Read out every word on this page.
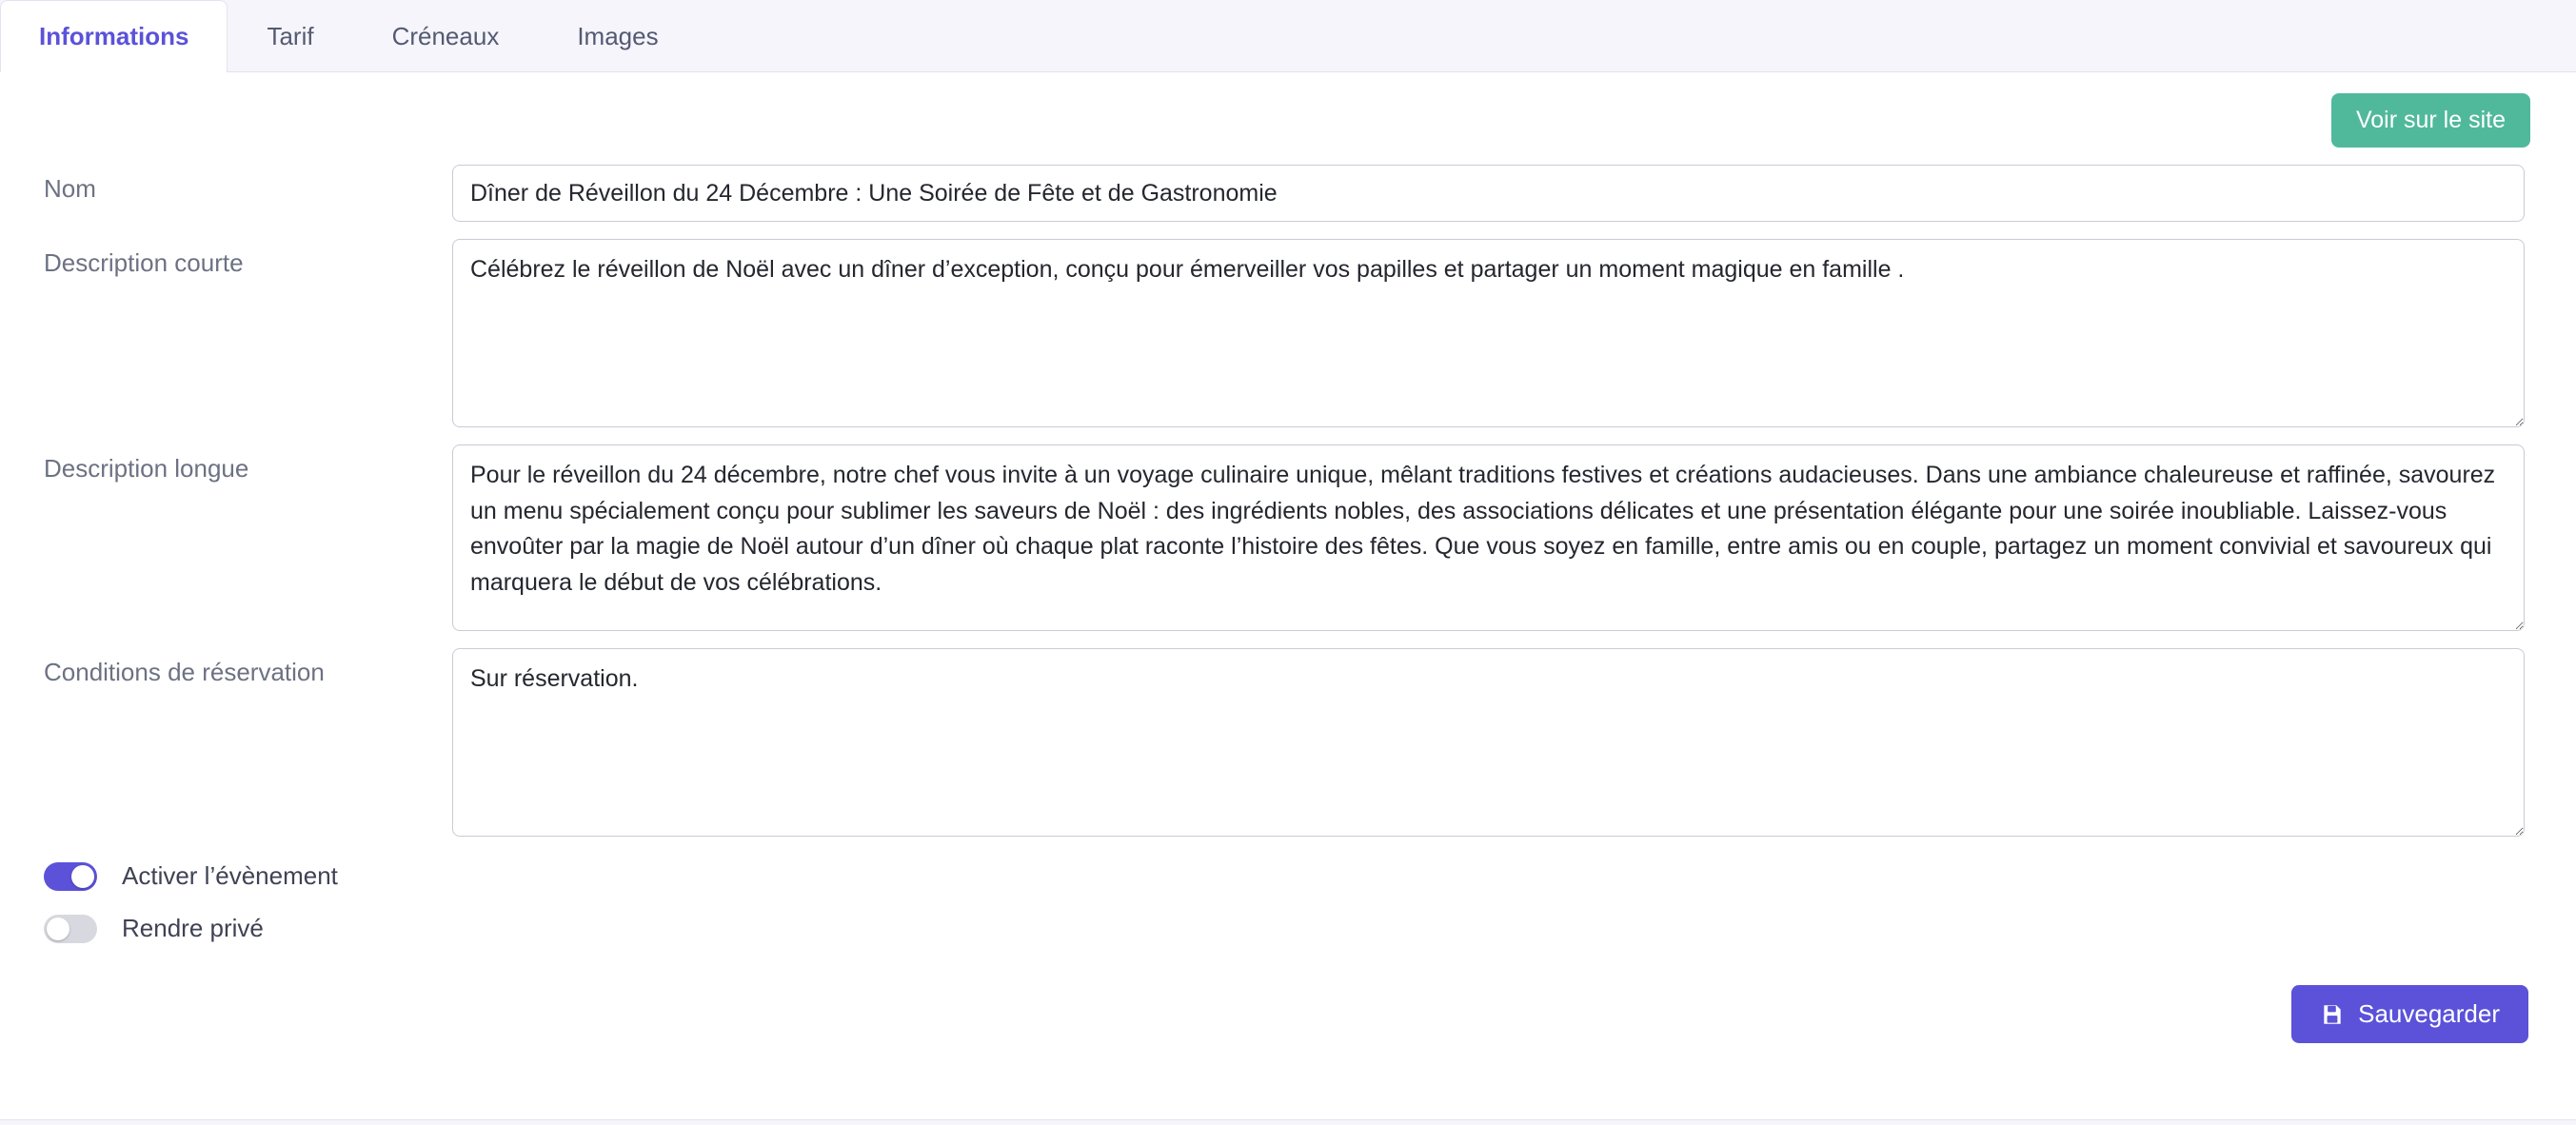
Informations	Tarif	Créneaux	Images
Voir sur le site
Nom
Dîner de Réveillon du 24 Décembre : Une Soirée de Fête et de Gastronomie
Description courte
Célébrez le réveillon de Noël avec un dîner d’exception, conçu pour émerveiller vos papilles et partager un moment magique en famille .
Description longue
Pour le réveillon du 24 décembre, notre chef vous invite à un voyage culinaire unique, mêlant traditions festives et créations audacieuses. Dans une ambiance chaleureuse et raffinée, savourez un menu spécialement conçu pour sublimer les saveurs de Noël : des ingrédients nobles, des associations délicates et une présentation élégante pour une soirée inoubliable. Laissez-vous envoûter par la magie de Noël autour d’un dîner où chaque plat raconte l’histoire des fêtes. Que vous soyez en famille, entre amis ou en couple, partagez un moment convivial et savoureux qui marquera le début de vos célébrations.
Conditions de réservation
Sur réservation.
Activer l’évènement
Rendre privé
Sauvegarder
